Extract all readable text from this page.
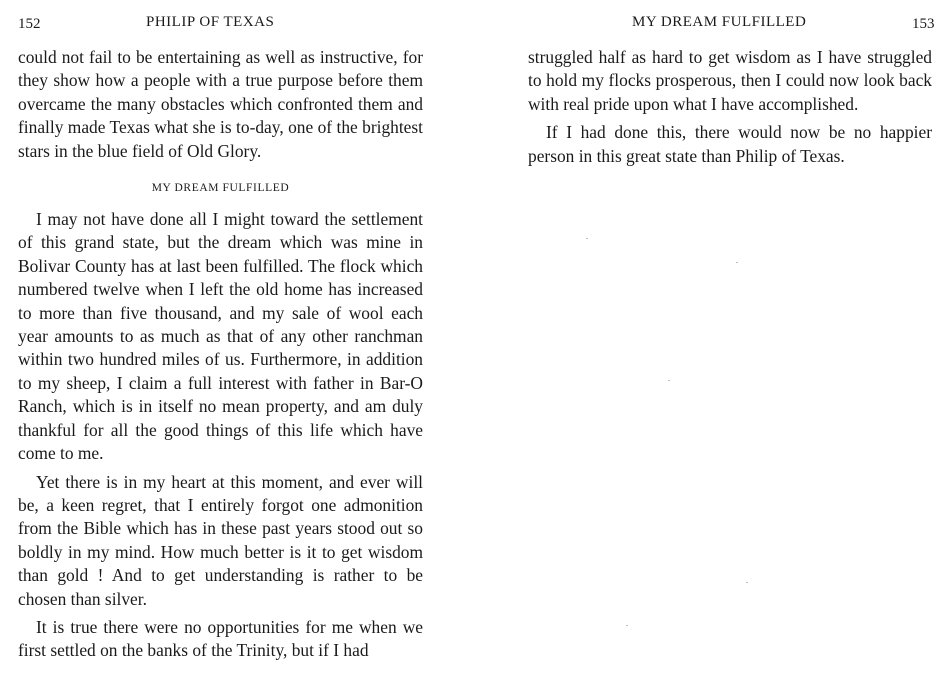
152	PHILIP OF TEXAS

could not fail to be entertaining as well as instructive, for they show how a people with a true purpose before them overcame the many obstacles which confronted them and finally made Texas what she is to-day, one of the brightest stars in the blue field of Old Glory.

MY DREAM FULFILLED

I may not have done all I might toward the settlement of this grand state, but the dream which was mine in Bolivar County has at last been fulfilled. The flock which numbered twelve when I left the old home has increased to more than five thousand, and my sale of wool each year amounts to as much as that of any other ranchman within two hundred miles of us. Furthermore, in addition to my sheep, I claim a full interest with father in Bar-O Ranch, which is in itself no mean property, and am duly thankful for all the good things of this life which have come to me.

Yet there is in my heart at this moment, and ever will be, a keen regret, that I entirely forgot one admonition from the Bible which has in these past years stood out so boldly in my mind. How much better is it to get wisdom than gold ! And to get understanding is rather to be chosen than silver.

It is true there were no opportunities for me when we first settled on the banks of the Trinity, but if I had

MY DREAM FULFILLED	153

struggled half as hard to get wisdom as I have struggled to hold my flocks prosperous, then I could now look back with real pride upon what I have accomplished.

If I had done this, there would now be no happier person in this great state than Philip of Texas.
